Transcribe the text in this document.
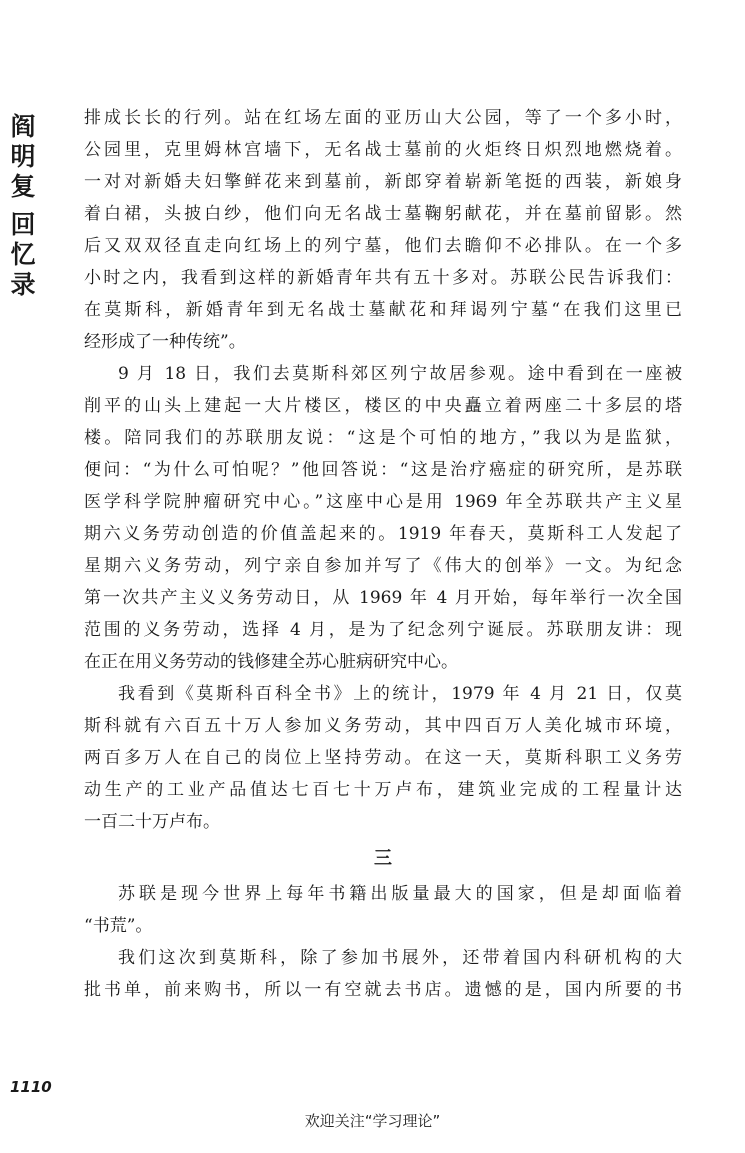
阎
明
复
回
忆
录
排成长长的行列。站在红场左面的亚历山大公园，等了一个多小时，
公园里，克里姆林宫墙下，无名战士墓前的火炬终日炽烈地燃烧着。
一对对新婚夫妇擎鲜花来到墓前，新郎穿着崭新笔挺的西装，新娘身
着白裙，头披白纱，他们向无名战士墓鞠躬献花，并在墓前留影。然
后又双双径直走向红场上的列宁墓，他们去瞻仰不必排队。在一个多
小时之内，我看到这样的新婚青年共有五十多对。苏联公民告诉我们：
在莫斯科，新婚青年到无名战士墓献花和拜谒列宁墓“在我们这里已
经形成了一种传统”。
9 月 18 日，我们去莫斯科郊区列宁故居参观。途中看到在一座被
削平的山头上建起一大片楼区，楼区的中央矗立着两座二十多层的塔
楼。陪同我们的苏联朋友说：“这是个可怕的地方，”我以为是监狱，
便问：“为什么可怕呢？”他回答说：“这是治疗癌症的研究所，是苏联
医学科学院肿瘤研究中心。”这座中心是用 1969 年全苏联共产主义星
期六义务劳动创造的价值盖起来的。1919 年春天，莫斯科工人发起了
星期六义务劳动，列宁亲自参加并写了《伟大的创举》一文。为纪念
第一次共产主义义务劳动日，从 1969 年 4 月开始，每年举行一次全国
范围的义务劳动，选择 4 月，是为了纪念列宁诞辰。苏联朋友讲：现
在正在用义务劳动的钱修建全苏心脏病研究中心。
我看到《莫斯科百科全书》上的统计，1979 年 4 月 21 日，仅莫
斯科就有六百五十万人参加义务劳动，其中四百万人美化城市环境，
两百多万人在自己的岗位上坚持劳动。在这一天，莫斯科职工义务劳
动生产的工业产品值达七百七十万卢布，建筑业完成的工程量计达
一百二十万卢布。
三
苏联是现今世界上每年书籍出版量最大的国家，但是却面临着
“书荒”。
我们这次到莫斯科，除了参加书展外，还带着国内科研机构的大
批书单，前来购书，所以一有空就去书店。遗憾的是，国内所要的书
1110
欢迎关注“学习理论”
